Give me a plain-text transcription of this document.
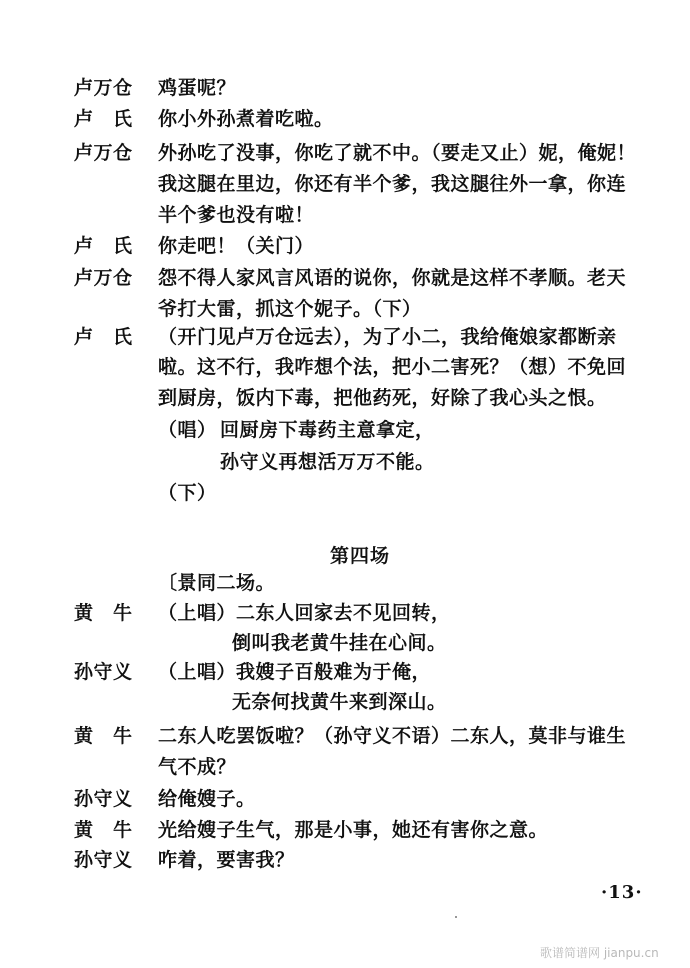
卢万仓 鸡蛋呢？
卢　氏 你小外孙煮着吃啦。
卢万仓 外孙吃了没事，你吃了就不中。（要走又止）妮，俺妮！
我这腿在里边，你还有半个爹，我这腿往外一拿，你连
半个爹也没有啦！
卢　氏 你走吧！（关门）
卢万仓 怨不得人家风言风语的说你，你就是这样不孝顺。老天
爷打大雷，抓这个妮子。（下）
卢　氏 （开门见卢万仓远去），为了小二，我给俺娘家都断亲
啦。这不行，我咋想个法，把小二害死？（想）不免回
到厨房，饭内下毒，把他药死，好除了我心头之恨。
（唱） 回厨房下毒药主意拿定，
孙守义再想活万万不能。
（下）
第四场
〔景同二场。
黄　牛 （上唱）二东人回家去不见回转，
倒叫我老黄牛挂在心间。
孙守义 （上唱）我嫂子百般难为于俺，
无奈何找黄牛来到深山。
黄　牛 二东人吃罢饭啦？（孙守义不语）二东人，莫非与谁生
气不成？
孙守义 给俺嫂子。
黄　牛 光给嫂子生气，那是小事，她还有害你之意。
孙守义 咋着，要害我？
·13·
歌谱简谱网 jianpu.cn
